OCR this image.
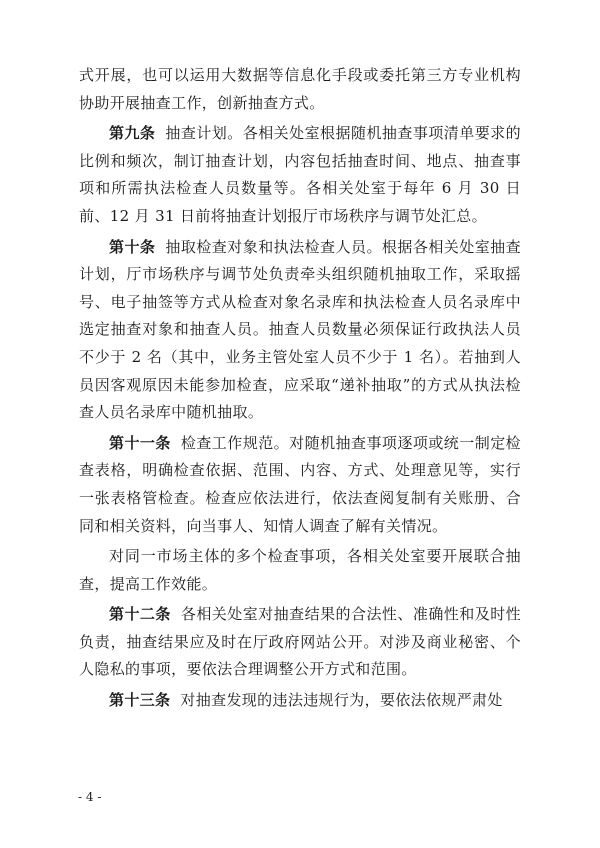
式开展，也可以运用大数据等信息化手段或委托第三方专业机构协助开展抽查工作，创新抽查方式。

第九条 抽查计划。各相关处室根据随机抽查事项清单要求的比例和频次，制订抽查计划，内容包括抽查时间、地点、抽查事项和所需执法检查人员数量等。各相关处室于每年 6 月 30 日前、12 月 31 日前将抽查计划报厅市场秩序与调节处汇总。

第十条 抽取检查对象和执法检查人员。根据各相关处室抽查计划，厅市场秩序与调节处负责牵头组织随机抽取工作，采取摇号、电子抽签等方式从检查对象名录库和执法检查人员名录库中选定抽查对象和抽查人员。抽查人员数量必须保证行政执法人员不少于 2 名（其中，业务主管处室人员不少于 1 名）。若抽到人员因客观原因未能参加检查，应采取“递补抽取”的方式从执法检查人员名录库中随机抽取。

第十一条 检查工作规范。对随机抽查事项逐项或统一制定检查表格，明确检查依据、范围、内容、方式、处理意见等，实行一张表格管检查。检查应依法进行，依法查阅复制有关账册、合同和相关资料，向当事人、知情人调查了解有关情况。

对同一市场主体的多个检查事项，各相关处室要开展联合抽查，提高工作效能。

第十二条 各相关处室对抽查结果的合法性、准确性和及时性负责，抽查结果应及时在厅政府网站公开。对涉及商业秘密、个人隐私的事项，要依法合理调整公开方式和范围。

第十三条 对抽查发现的违法违规行为，要依法依规严肃处

- 4 -
